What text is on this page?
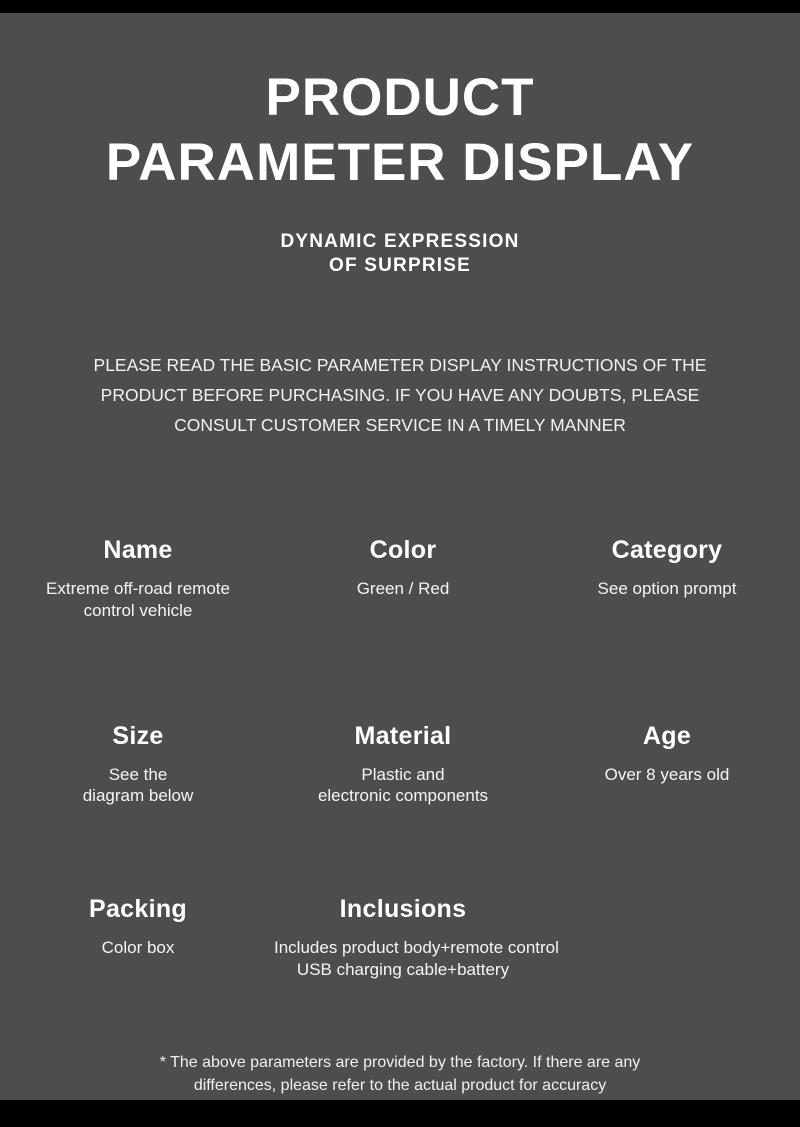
PRODUCT
PARAMETER DISPLAY
DYNAMIC EXPRESSION
OF SURPRISE
PLEASE READ THE BASIC PARAMETER DISPLAY INSTRUCTIONS OF THE
PRODUCT BEFORE PURCHASING. IF YOU HAVE ANY DOUBTS, PLEASE
CONSULT CUSTOMER SERVICE IN A TIMELY MANNER
Name
Extreme off-road remote
control vehicle
Color
Green / Red
Category
See option prompt
Size
See the
diagram below
Material
Plastic and
electronic components
Age
Over 8 years old
Packing
Color box
Inclusions
Includes product body+remote control
USB charging cable+battery
* The above parameters are provided by the factory. If there are any
differences, please refer to the actual product for accuracy
